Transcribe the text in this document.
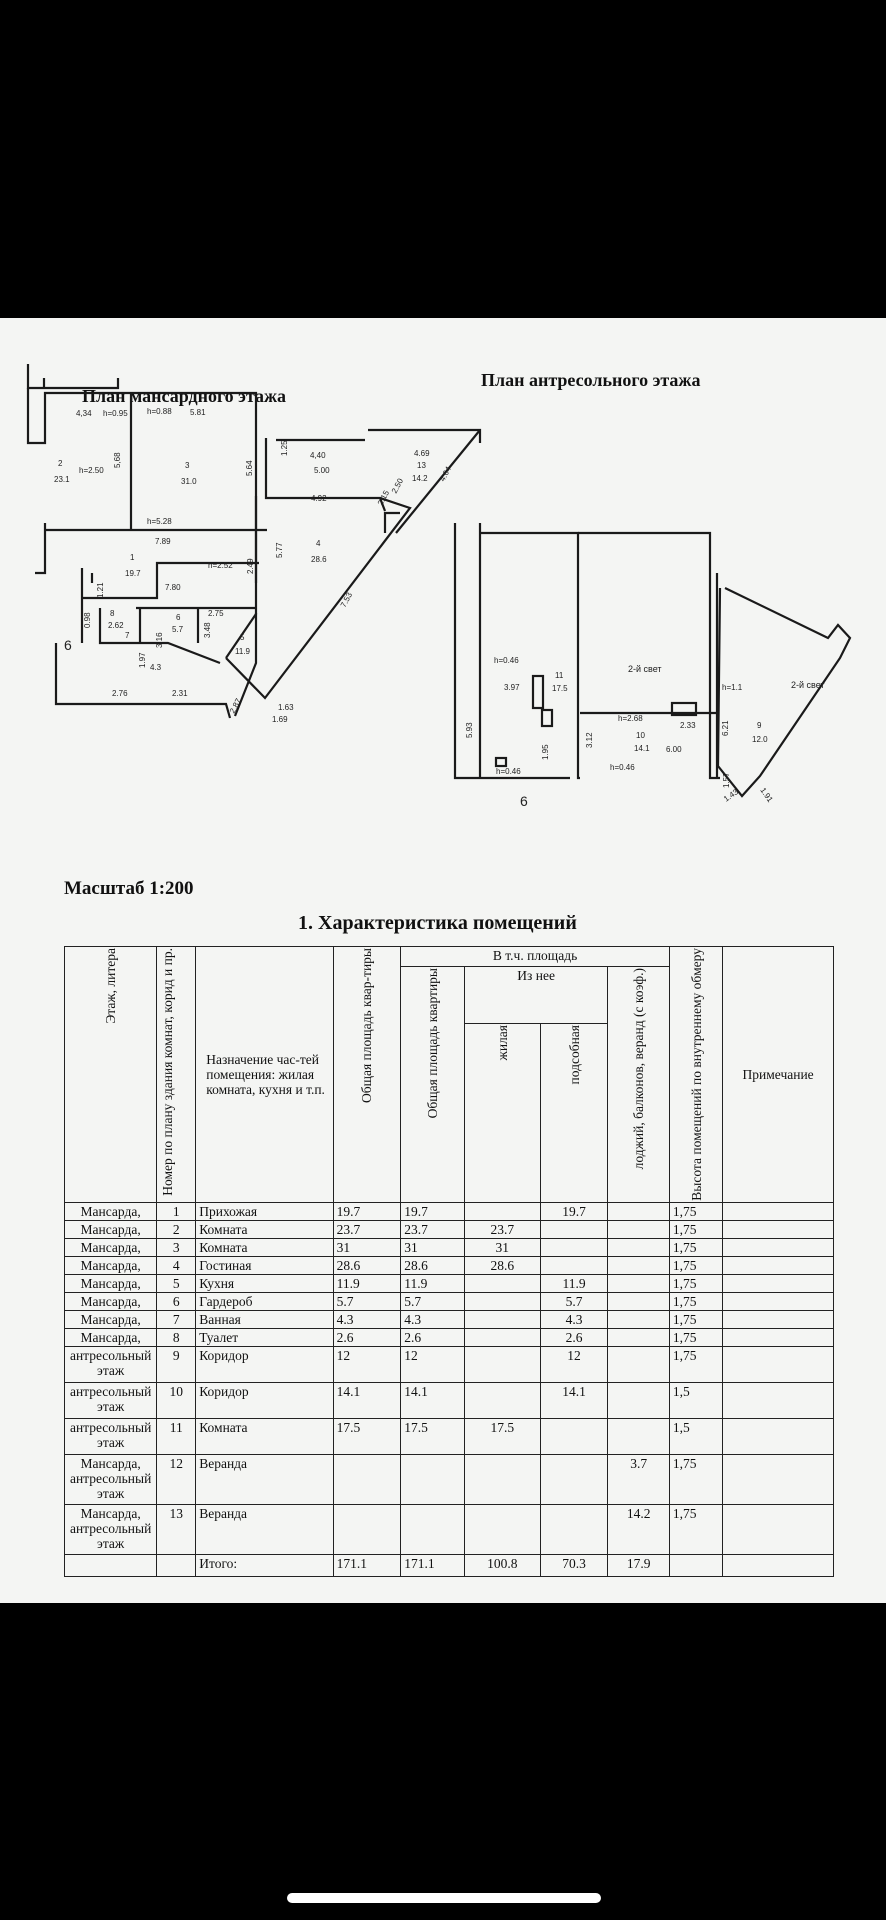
План мансардного этажа
План антресольного этажа
4,34 h=0.95 h=0.88 5.81
2
23.1
h=2.50
5,68	3
31.0
5.64
1.25	4,40
5.00
4.69
13
14.2 4.64
2.50
2.15
4.92
4
28.6
h=5.28
7.89
1
19.7
h=2.52 2.49
5.77
7.53
7.80
1.21
0.98 8
2.62
6
5.7
2.75
3.48	5
11.9
1.63
1.69
7
1.97
3.16
2.76	2.31
2.87
4.3
6
h=0.46
3.97
11
17.5
5.93
2-й свет
h=2.68
10
14.1
2.33
6.00
3.12
1.95
h=0.46	h=0.46
h=1.1	2-й свет
6.21	9
12.0
1.57
1.43 1.91
6
Масштаб 1:200
1. Характеристика помещений
Этаж, литера	Номер по плану здания комнат, корид и пр.	Назначение час-тей помещения: жилая комната, кухня и т.п.	Общая площадь квар-тиры	В т.ч. площадь				Высота помещений по внутреннему обмеру	Примечание

				Общая площадь квартиры	Из нее		лоджий, балконов, веранд (с коэф.)		

					жилая	подсобная			

Мансарда,	1	Прихожая	19.7	19.7		19.7		1,75	
Мансарда,	2	Комната	23.7	23.7	23.7			1,75	
Мансарда,	3	Комната	31	31	31			1,75	
Мансарда,	4	Гостиная	28.6	28.6	28.6			1,75	
Мансарда,	5	Кухня	11.9	11.9		11.9		1,75	
Мансарда,	6	Гардероб	5.7	5.7		5.7		1,75	
Мансарда,	7	Ванная	4.3	4.3		4.3		1,75	
Мансарда,	8	Туалет	2.6	2.6		2.6		1,75	
антресольный этаж	9	Коридор	12	12		12		1,75	
антресольный этаж	10	Коридор	14.1	14.1		14.1		1,5	
антресольный этаж	11	Комната	17.5	17.5	17.5			1,5	
Мансарда, антресольный этаж	12	Веранда					3.7	1,75	
Мансарда, антресольный этаж	13	Веранда					14.2	1,75	
		Итого:	171.1	171.1	100.8	70.3	17.9		
